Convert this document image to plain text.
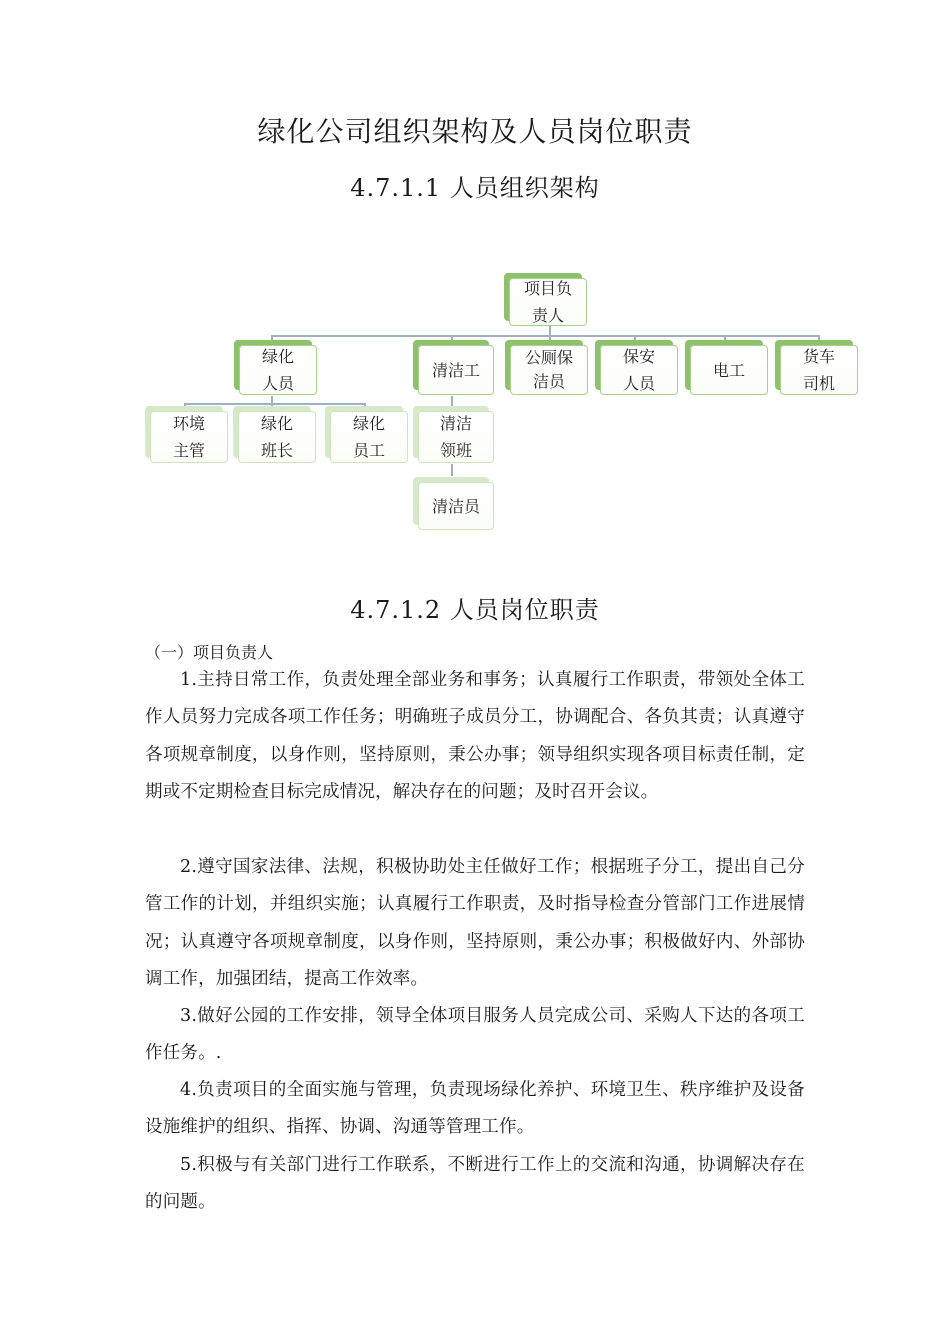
绿化公司组织架构及人员岗位职责
4.7.1.1 人员组织架构
项目负
责人
绿化
人员
清洁工
公厕保
洁员
保安
人员
电工
货车
司机
环境
主管
绿化
班长
绿化
员工
清洁
领班
清洁员
4.7.1.2 人员岗位职责
（一）项目负责人
1.主持日常工作，负责处理全部业务和事务；认真履行工作职责，带领处全体工作人员努力完成各项工作任务；明确班子成员分工，协调配合、各负其责；认真遵守各项规章制度，以身作则，坚持原则，秉公办事；领导组织实现各项目标责任制，定期或不定期检查目标完成情况，解决存在的问题；及时召开会议。
2.遵守国家法律、法规，积极协助处主任做好工作；根据班子分工，提出自己分管工作的计划，并组织实施；认真履行工作职责，及时指导检查分管部门工作进展情况；认真遵守各项规章制度，以身作则，坚持原则，秉公办事；积极做好内、外部协调工作，加强团结，提高工作效率。
3.做好公园的工作安排，领导全体项目服务人员完成公司、采购人下达的各项工作任务。.
4.负责项目的全面实施与管理，负责现场绿化养护、环境卫生、秩序维护及设备设施维护的组织、指挥、协调、沟通等管理工作。
5.积极与有关部门进行工作联系，不断进行工作上的交流和沟通，协调解决存在的问题。
